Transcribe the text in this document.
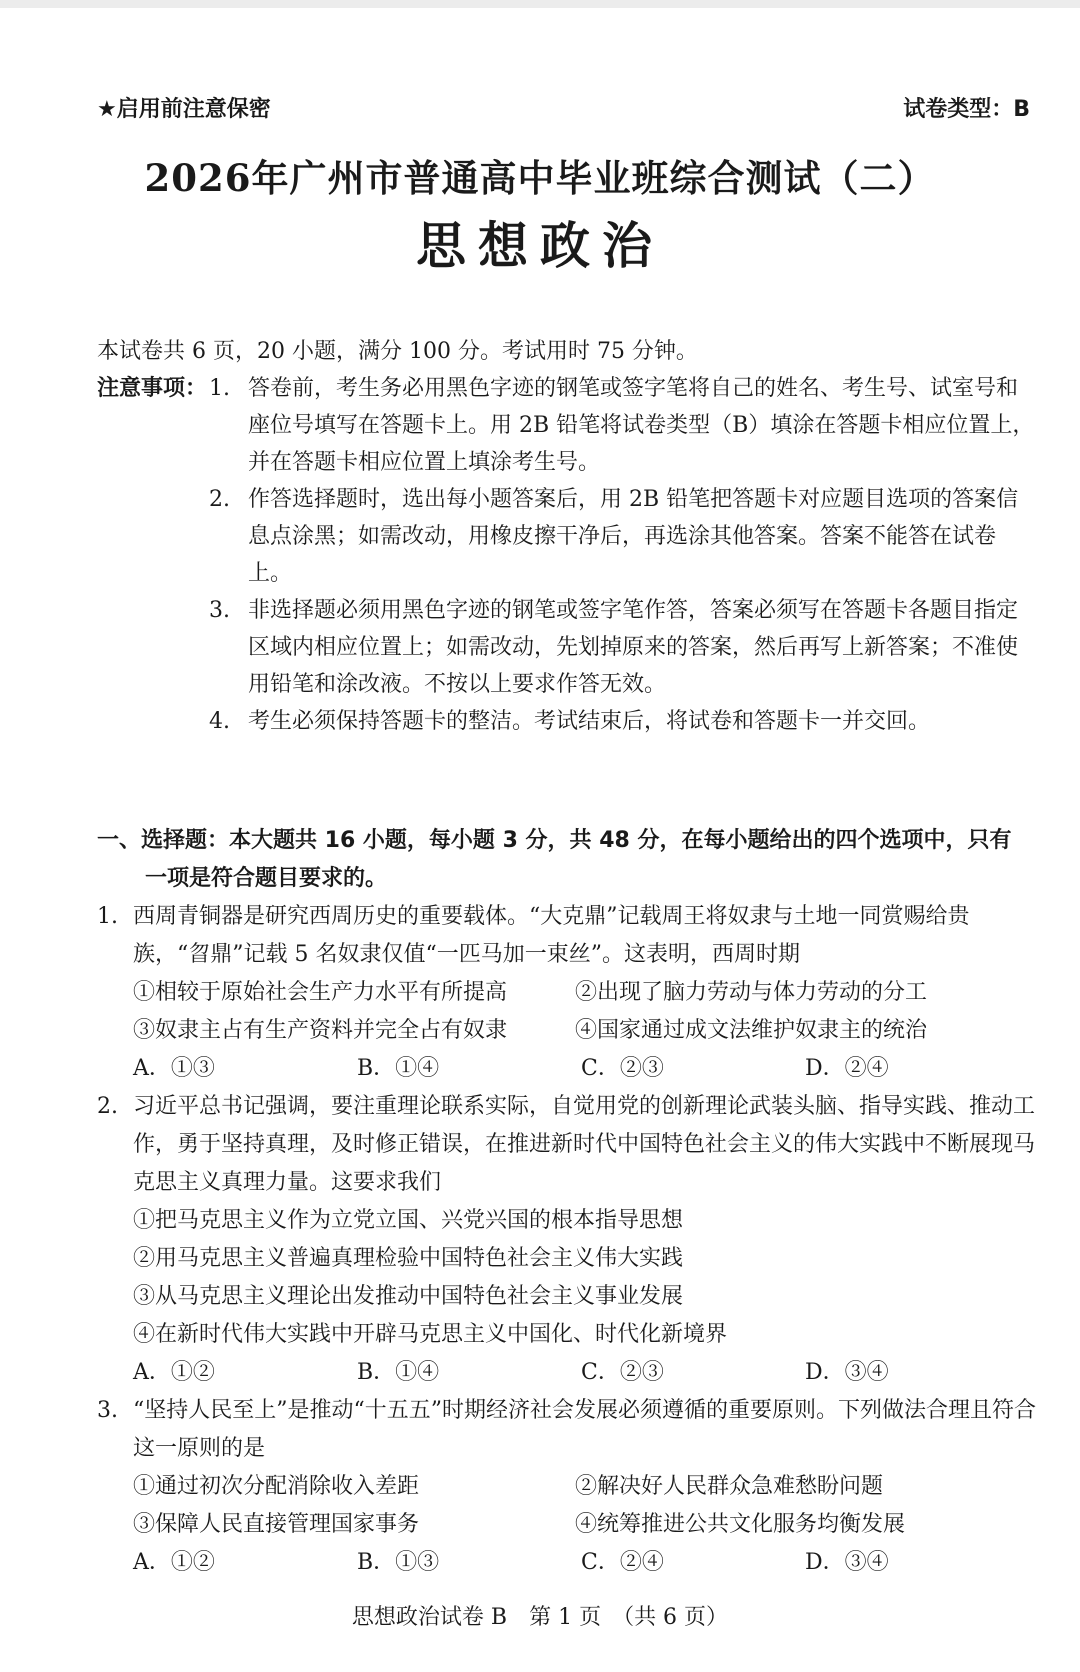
★启用前注意保密	试卷类型：B
2026年广州市普通高中毕业班综合测试（二）
思想政治
本试卷共 6 页，20 小题，满分 100 分。考试用时 75 分钟。
注意事项： 1. 答卷前，考生务必用黑色字迹的钢笔或签字笔将自己的姓名、考生号、试室号和座位号填写在答题卡上。用 2B 铅笔将试卷类型（B）填涂在答题卡相应位置上，并在答题卡相应位置上填涂考生号。
2. 作答选择题时，选出每小题答案后，用 2B 铅笔把答题卡对应题目选项的答案信息点涂黑；如需改动，用橡皮擦干净后，再选涂其他答案。答案不能答在试卷上。
3. 非选择题必须用黑色字迹的钢笔或签字笔作答，答案必须写在答题卡各题目指定区域内相应位置上；如需改动，先划掉原来的答案，然后再写上新答案；不准使用铅笔和涂改液。不按以上要求作答无效。
4. 考生必须保持答题卡的整洁。考试结束后，将试卷和答题卡一并交回。
一、选择题：本大题共 16 小题，每小题 3 分，共 48 分，在每小题给出的四个选项中，只有
一项是符合题目要求的。
1. 西周青铜器是研究西周历史的重要载体。“大克鼎”记载周王将奴隶与土地一同赏赐给贵族，“曶鼎”记载 5 名奴隶仅值“一匹马加一束丝”。这表明，西周时期
①相较于原始社会生产力水平有所提高	②出现了脑力劳动与体力劳动的分工
③奴隶主占有生产资料并完全占有奴隶	④国家通过成文法维护奴隶主的统治
A．①③	B．①④	C．②③	D．②④
2. 习近平总书记强调，要注重理论联系实际，自觉用党的创新理论武装头脑、指导实践、推动工作，勇于坚持真理，及时修正错误，在推进新时代中国特色社会主义的伟大实践中不断展现马克思主义真理力量。这要求我们
①把马克思主义作为立党立国、兴党兴国的根本指导思想
②用马克思主义普遍真理检验中国特色社会主义伟大实践
③从马克思主义理论出发推动中国特色社会主义事业发展
④在新时代伟大实践中开辟马克思主义中国化、时代化新境界
A．①②	B．①④	C．②③	D．③④
3. “坚持人民至上”是推动“十五五”时期经济社会发展必须遵循的重要原则。下列做法合理且符合这一原则的是
①通过初次分配消除收入差距	②解决好人民群众急难愁盼问题
③保障人民直接管理国家事务	④统筹推进公共文化服务均衡发展
A．①②	B．①③	C．②④	D．③④
思想政治试卷 B　第 1 页　（共 6 页）
